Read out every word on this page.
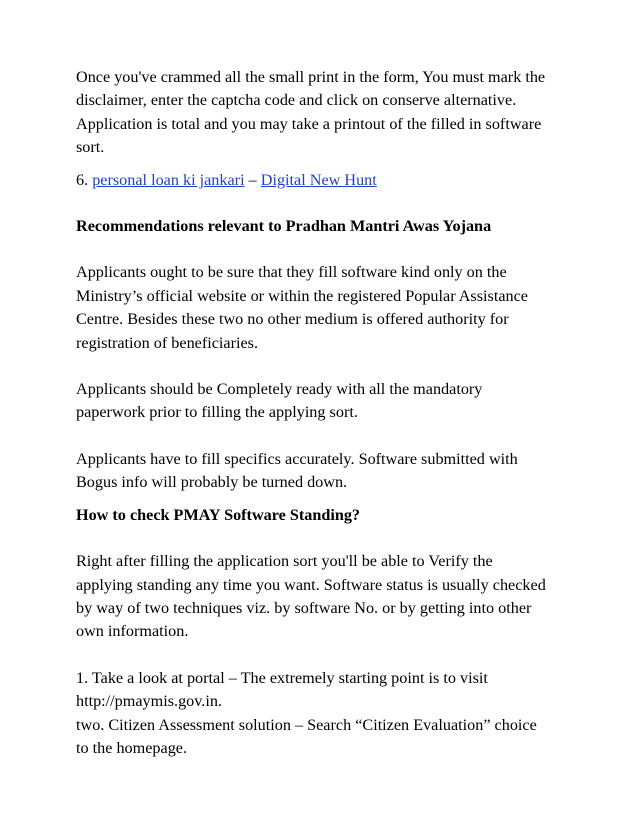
Once you've crammed all the small print in the form, You must mark the
disclaimer, enter the captcha code and click on conserve alternative.
Application is total and you may take a printout of the filled in software
sort.

6. personal loan ki jankari – Digital New Hunt

Recommendations relevant to Pradhan Mantri Awas Yojana

Applicants ought to be sure that they fill software kind only on the
Ministry’s official website or within the registered Popular Assistance
Centre. Besides these two no other medium is offered authority for
registration of beneficiaries.

Applicants should be Completely ready with all the mandatory
paperwork prior to filling the applying sort.

Applicants have to fill specifics accurately. Software submitted with
Bogus info will probably be turned down.

How to check PMAY Software Standing?

Right after filling the application sort you'll be able to Verify the
applying standing any time you want. Software status is usually checked
by way of two techniques viz. by software No. or by getting into other
own information.

1. Take a look at portal – The extremely starting point is to visit
http://pmaymis.gov.in.
two. Citizen Assessment solution – Search “Citizen Evaluation” choice
to the homepage.
